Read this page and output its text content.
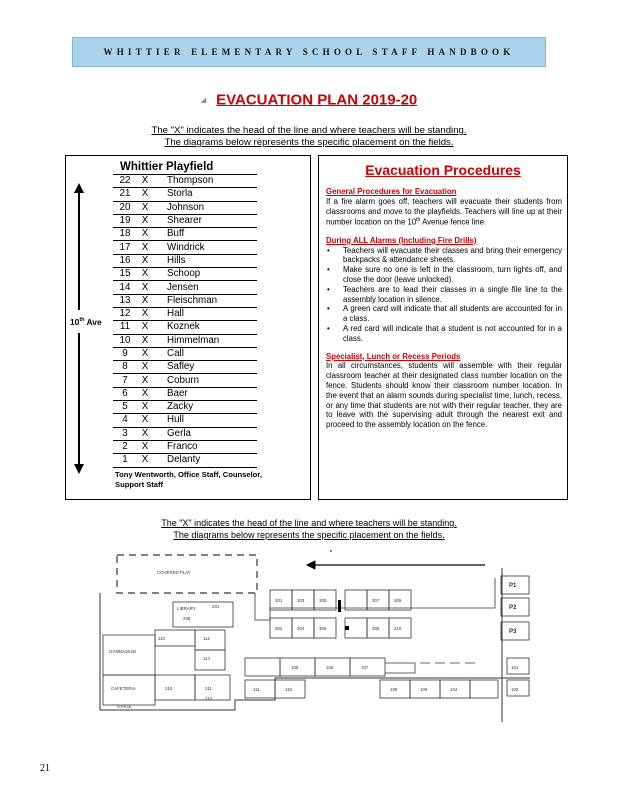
WHITTIER ELEMENTARY SCHOOL STAFF HANDBOOK
◢ EVACUATION PLAN 2019-20
The "X" indicates the head of the line and where teachers will be standing.
The diagrams below represents the specific placement on the fields.
Whittier Playfield
10th Ave
22	X	Thompson
21	X	Storla
20	X	Johnson
19	X	Shearer
18	X	Buff
17	X	Windrick
16	X	Hills
15	X	Schoop
14	X	Jensen
13	X	Fleischman
12	X	Hall
11	X	Koznek
10	X	Himmelman
9	X	Call
8	X	Safley
7	X	Coburn
6	X	Baer
5	X	Zacky
4	X	Hull
3	X	Gerla
2	X	Franco
1	X	Delanty
Tony Wentworth, Office Staff, Counselor, Support Staff
Evacuation Procedures
General Procedures for Evacuation

If a fire alarm goes off, teachers will evacuate their students from classrooms and move to the playfields. Teachers will line up at their number location on the 10th Avenue fence line.

During ALL Alarms (Including Fire Drills)
• Teachers will evacuate their classes and bring their emergency backpacks & attendance sheets.
• Make sure no one is left in the classroom, turn lights off, and close the door (leave unlocked).
• Teachers are to lead their classes in a single file line to the assembly location in silence.
• A green card will indicate that all students are accounted for in a class.
• A red card will indicate that a student is not accounted for in a class.
Specialist, Lunch or Recess Periods

In all circumstances, students will assemble with their regular classroom teacher at their designated class number location on the fence. Students should know their classroom number location. In the event that an alarm sounds during specialist time, lunch, recess, or any time that students are not with their regular teacher, they are to leave with the supervising adult through the nearest exit and proceed to the assembly location on the fence.

The "X" indicates the head of the line and where teachers will be standing.
The diagrams below represents the specific placement on the fields.
COVERED PLAY
LIBRARY
GYMNASIUM
CAFETERIA
STAGE
P1
P2
P3
201
208
110	112
114
301	303	305	307	309
302	304	306	308	310
105	106	107	101
111	116	108	109	104	102
210	211
212
21
